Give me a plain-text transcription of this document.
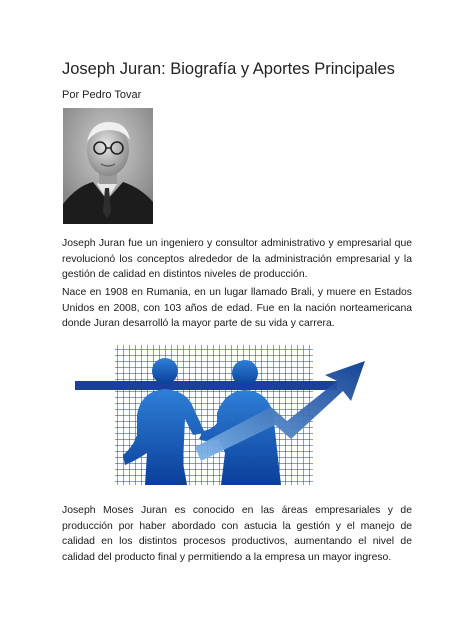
Joseph Juran: Biografía y Aportes Principales
Por Pedro Tovar
Joseph Juran fue un ingeniero y consultor administrativo y empresarial que revolucionó los conceptos alrededor de la administración empresarial y la gestión de calidad en distintos niveles de producción.
Nace en 1908 en Rumania, en un lugar llamado Brali, y muere en Estados Unidos en 2008, con 103 años de edad. Fue en la nación norteamericana donde Juran desarrolló la mayor parte de su vida y carrera.
Joseph Moses Juran es conocido en las áreas empresariales y de producción por haber abordado con astucia la gestión y el manejo de calidad en los distintos procesos productivos, aumentando el nivel de calidad del producto final y permitiendo a la empresa un mayor ingreso.
